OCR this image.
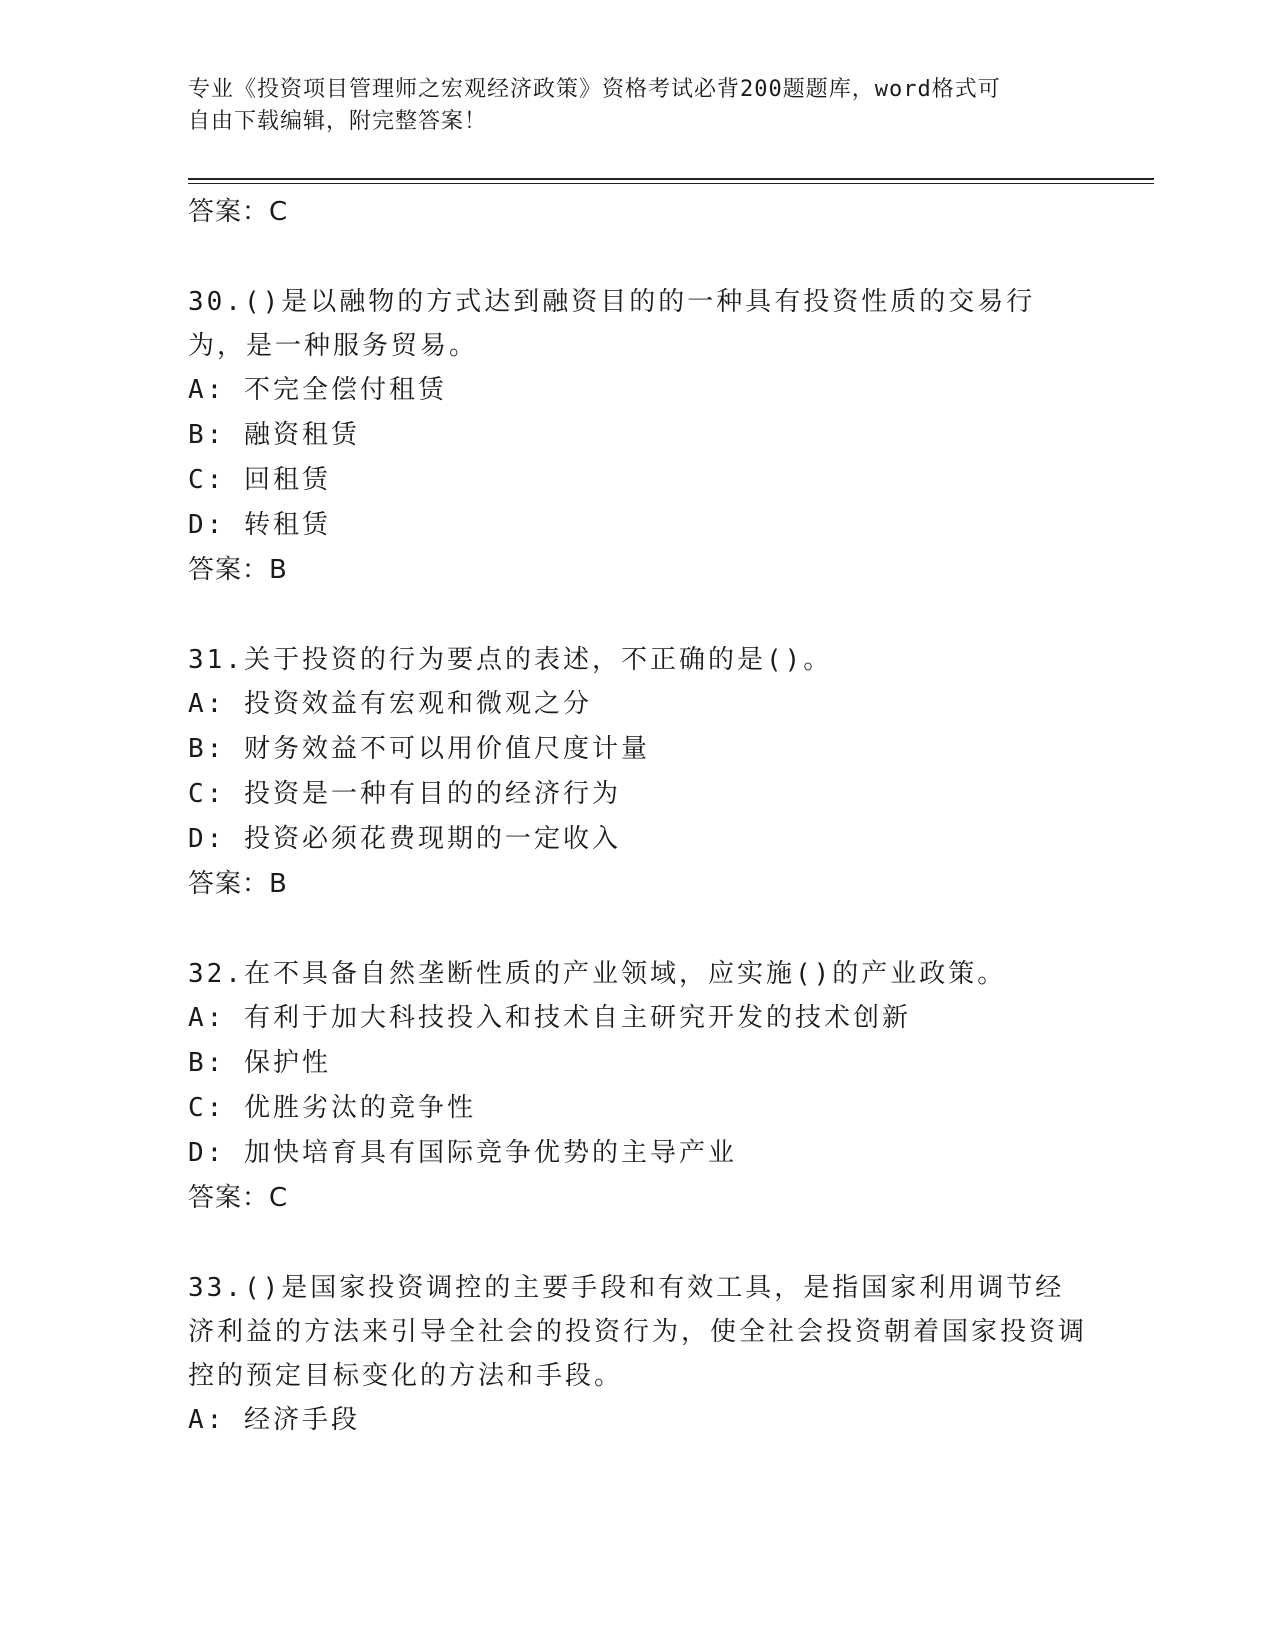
专业《投资项目管理师之宏观经济政策》资格考试必背200题题库，word格式可
自由下载编辑，附完整答案！
答案：C
30.()是以融物的方式达到融资目的的一种具有投资性质的交易行为，是一种服务贸易。
A: 不完全偿付租赁
B: 融资租赁
C: 回租赁
D: 转租赁
答案：B
31.关于投资的行为要点的表述，不正确的是()。
A: 投资效益有宏观和微观之分
B: 财务效益不可以用价值尺度计量
C: 投资是一种有目的的经济行为
D: 投资必须花费现期的一定收入
答案：B
32.在不具备自然垄断性质的产业领域，应实施()的产业政策。
A: 有利于加大科技投入和技术自主研究开发的技术创新
B: 保护性
C: 优胜劣汰的竞争性
D: 加快培育具有国际竞争优势的主导产业
答案：C
33.()是国家投资调控的主要手段和有效工具，是指国家利用调节经济利益的方法来引导全社会的投资行为，使全社会投资朝着国家投资调控的预定目标变化的方法和手段。
A: 经济手段
